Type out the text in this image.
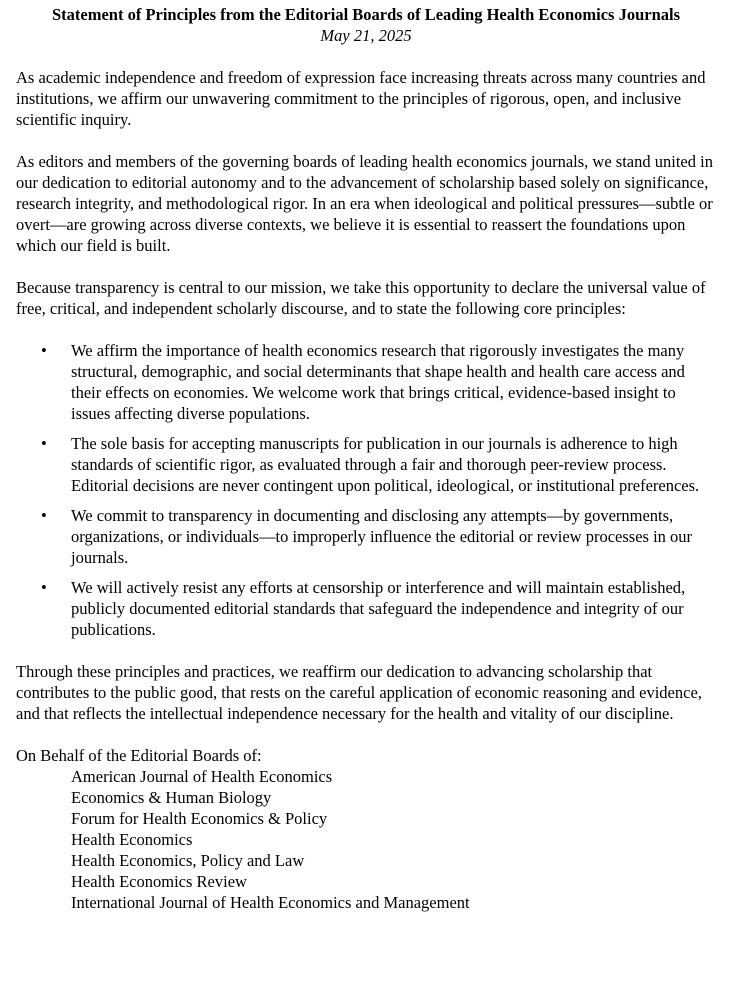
Statement of Principles from the Editorial Boards of Leading Health Economics Journals
May 21, 2025

As academic independence and freedom of expression face increasing threats across many countries and institutions, we affirm our unwavering commitment to the principles of rigorous, open, and inclusive scientific inquiry.

As editors and members of the governing boards of leading health economics journals, we stand united in our dedication to editorial autonomy and to the advancement of scholarship based solely on significance, research integrity, and methodological rigor. In an era when ideological and political pressures—subtle or overt—are growing across diverse contexts, we believe it is essential to reassert the foundations upon which our field is built.

Because transparency is central to our mission, we take this opportunity to declare the universal value of free, critical, and independent scholarly discourse, and to state the following core principles:

• We affirm the importance of health economics research that rigorously investigates the many structural, demographic, and social determinants that shape health and health care access and their effects on economies. We welcome work that brings critical, evidence-based insight to issues affecting diverse populations.
• The sole basis for accepting manuscripts for publication in our journals is adherence to high standards of scientific rigor, as evaluated through a fair and thorough peer-review process. Editorial decisions are never contingent upon political, ideological, or institutional preferences.
• We commit to transparency in documenting and disclosing any attempts—by governments, organizations, or individuals—to improperly influence the editorial or review processes in our journals.
• We will actively resist any efforts at censorship or interference and will maintain established, publicly documented editorial standards that safeguard the independence and integrity of our publications.

Through these principles and practices, we reaffirm our dedication to advancing scholarship that contributes to the public good, that rests on the careful application of economic reasoning and evidence, and that reflects the intellectual independence necessary for the health and vitality of our discipline.

On Behalf of the Editorial Boards of:
American Journal of Health Economics
Economics & Human Biology
Forum for Health Economics & Policy
Health Economics
Health Economics, Policy and Law
Health Economics Review
International Journal of Health Economics and Management
